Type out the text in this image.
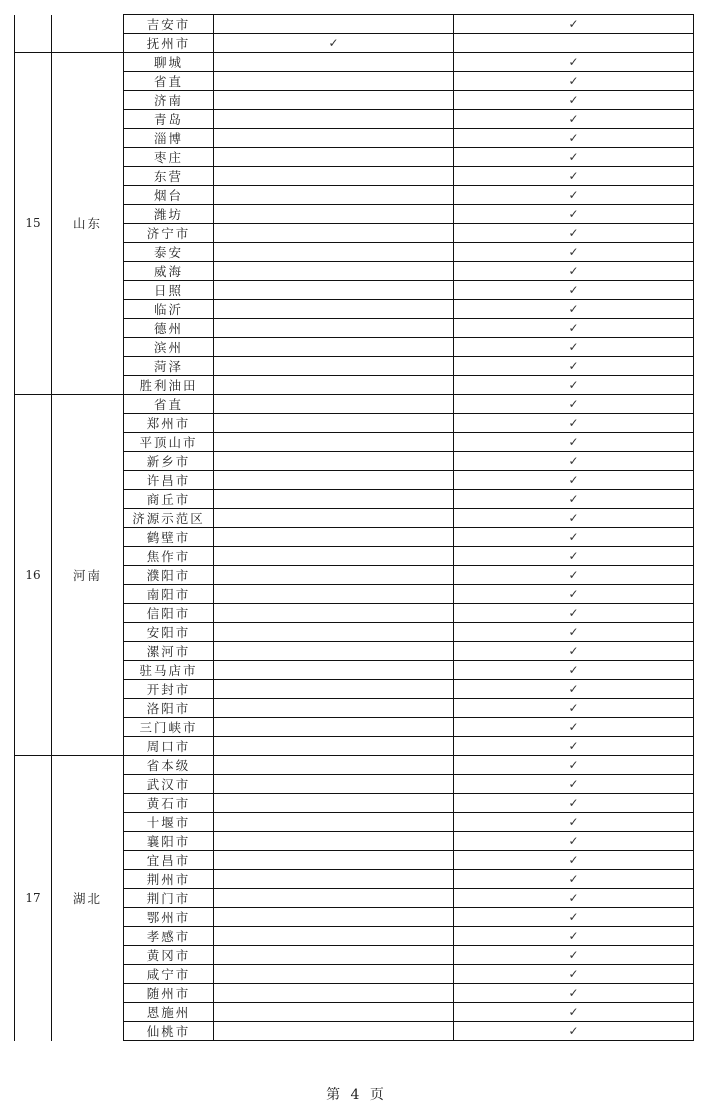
		吉安市		✓
		抚州市	✓	
15	山东	聊城		✓
		省直		✓
		济南		✓
		青岛		✓
		淄博		✓
		枣庄		✓
		东营		✓
		烟台		✓
		潍坊		✓
		济宁市		✓
		泰安		✓
		威海		✓
		日照		✓
		临沂		✓
		德州		✓
		滨州		✓
		菏泽		✓
		胜利油田		✓
16	河南	省直		✓
		郑州市		✓
		平顶山市		✓
		新乡市		✓
		许昌市		✓
		商丘市		✓
		济源示范区		✓
		鹤壁市		✓
		焦作市		✓
		濮阳市		✓
		南阳市		✓
		信阳市		✓
		安阳市		✓
		漯河市		✓
		驻马店市		✓
		开封市		✓
		洛阳市		✓
		三门峡市		✓
		周口市		✓
17	湖北	省本级		✓
		武汉市		✓
		黄石市		✓
		十堰市		✓
		襄阳市		✓
		宜昌市		✓
		荆州市		✓
		荆门市		✓
		鄂州市		✓
		孝感市		✓
		黄冈市		✓
		咸宁市		✓
		随州市		✓
		恩施州		✓
		仙桃市		✓
第 4 页
